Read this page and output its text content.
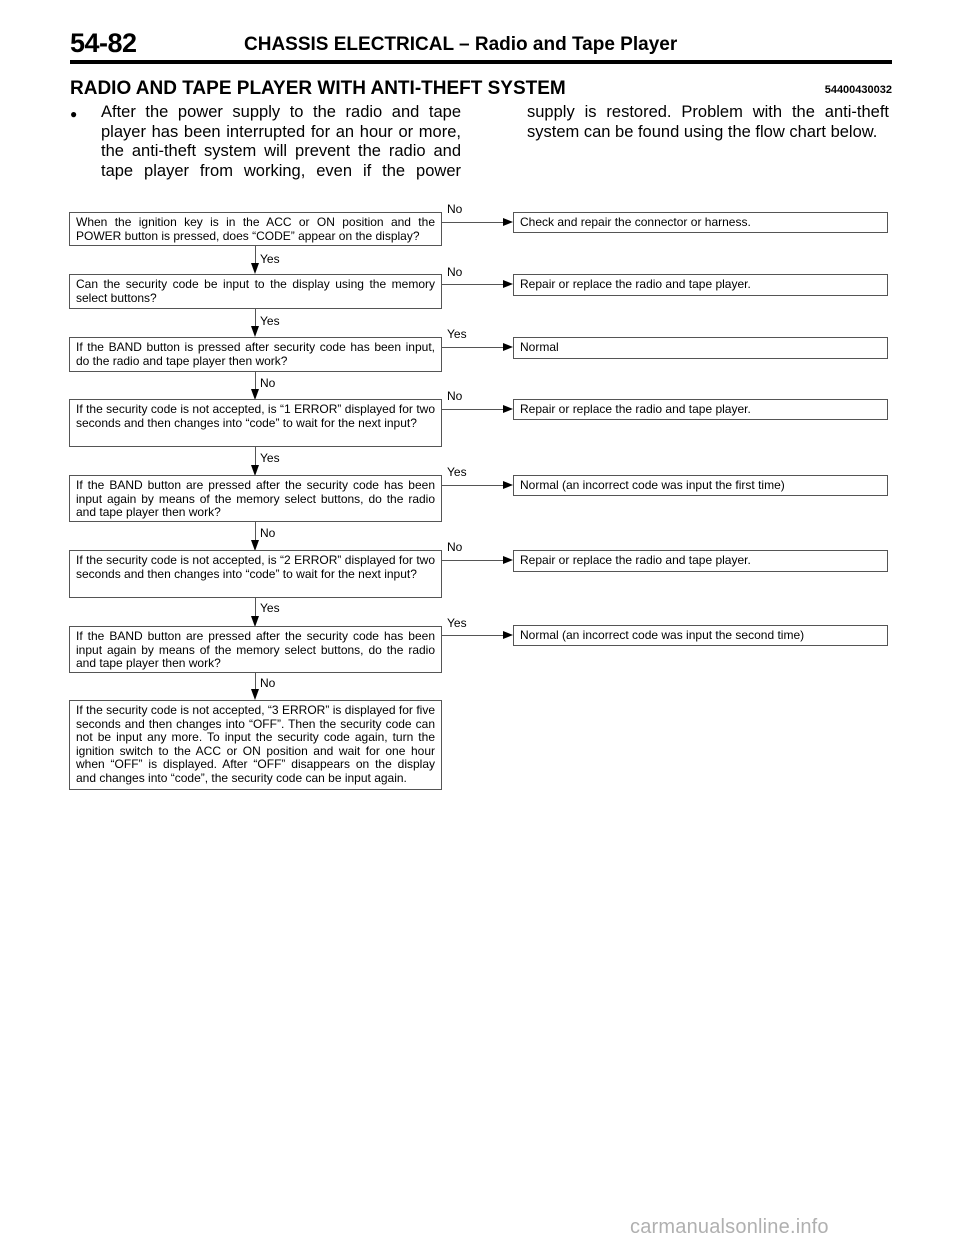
54-82	CHASSIS ELECTRICAL – Radio and Tape Player
RADIO AND TAPE PLAYER WITH ANTI-THEFT SYSTEM	54400430032
● After the power supply to the radio and tape player has been interrupted for an hour or more, the anti-theft system will prevent the radio and tape player from working, even if the power
supply is restored. Problem with the anti-theft system can be found using the flow chart below.
When the ignition key is in the ACC or ON position and the POWER button is pressed, does “CODE” appear on the display?
No
Check and repair the connector or harness.
Yes
Can the security code be input to the display using the memory select buttons?
No
Repair or replace the radio and tape player.
Yes
If the BAND button is pressed after security code has been input, do the radio and tape player then work?
Yes
Normal
No
If the security code is not accepted, is “1 ERROR” displayed for two seconds and then changes into “code” to wait for the next input?
No
Repair or replace the radio and tape player.
Yes
If the BAND button are pressed after the security code has been input again by means of the memory select buttons, do the radio and tape player then work?
Yes
Normal (an incorrect code was input the first time)
No
If the security code is not accepted, is “2 ERROR” displayed for two seconds and then changes into “code” to wait for the next input?
No
Repair or replace the radio and tape player.
Yes
If the BAND button are pressed after the security code has been input again by means of the memory select buttons, do the radio and tape player then work?
Yes
Normal (an incorrect code was input the second time)
No
If the security code is not accepted, “3 ERROR” is displayed for five seconds and then changes into “OFF”. Then the security code can not be input any more. To input the security code again, turn the ignition switch to the ACC or ON position and wait for one hour when “OFF” is displayed. After “OFF” disappears on the display and changes into “code”, the security code can be input again.
carmanualsonline.info
